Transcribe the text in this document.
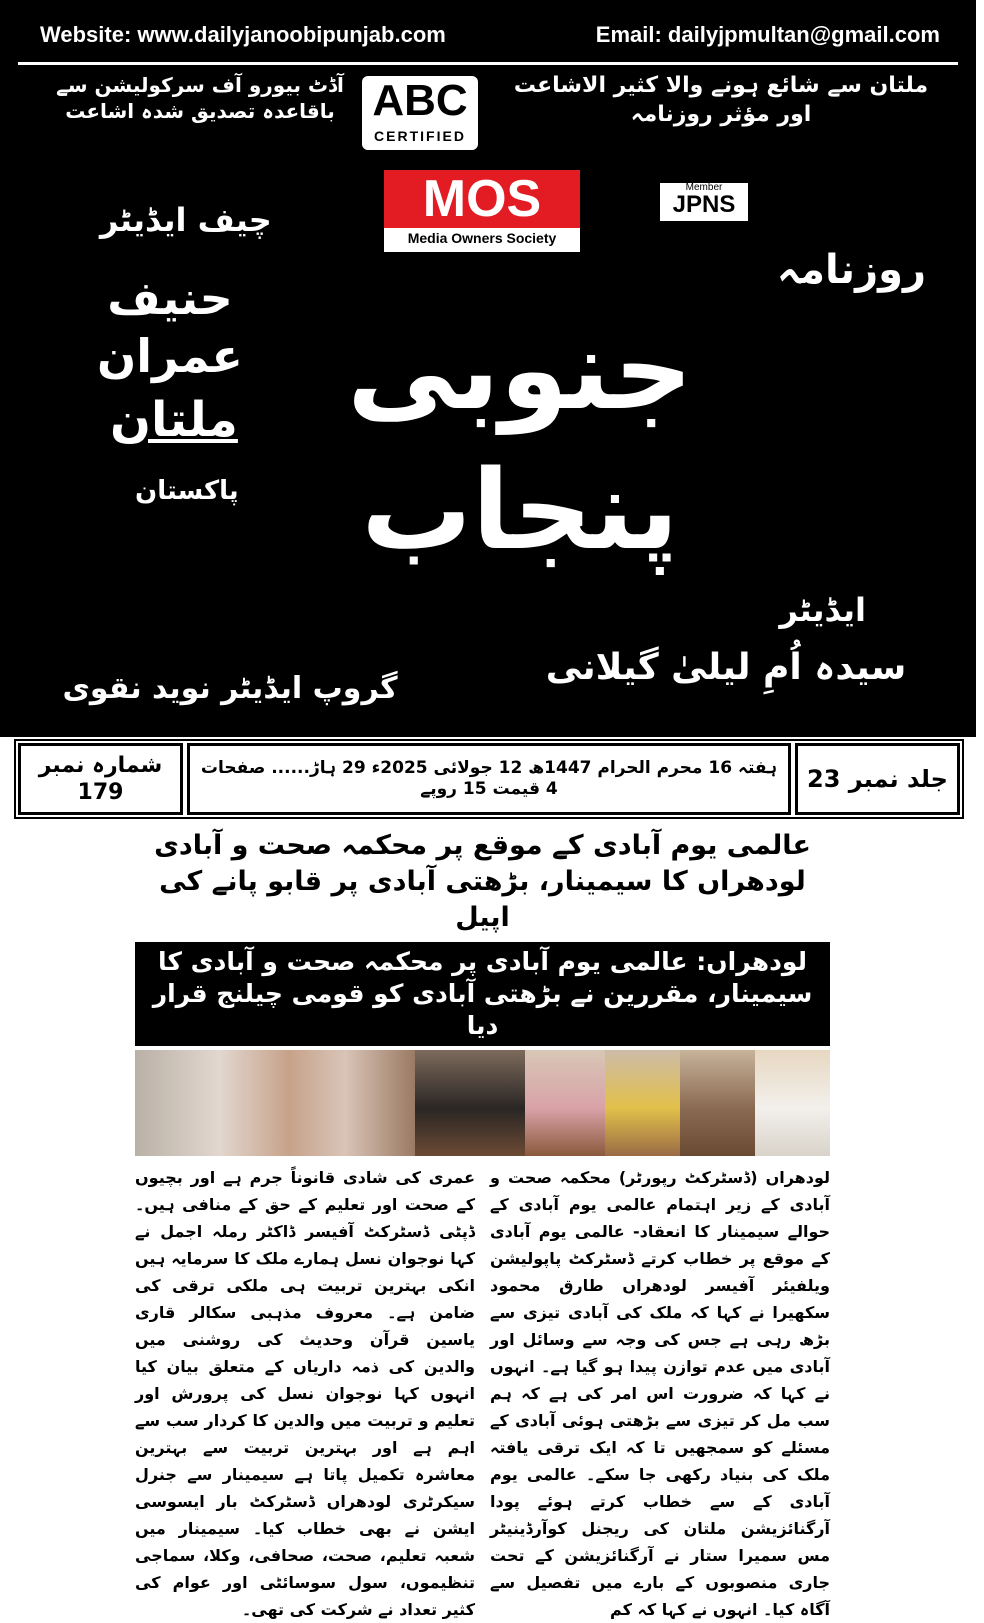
Website: www.dailyjanoobipunjab.com	Email: dailyjpmultan@gmail.com
ملتان سے شائع ہونے والا کثیر الاشاعت اور مؤثر روزنامہ
آڈٹ بیورو آف سرکولیشن سے باقاعدہ تصدیق شدہ اشاعت ABC
CERTIFIED
MOS
Media Owners Society
Member
JPNS
روزنامہ
جنوبی پنجاب
چیف ایڈیٹر
حنیف عمران
ملتان
پاکستان
ایڈیٹر
سیدہ اُمِ لیلیٰ گیلانی
گروپ ایڈیٹر نوید نقوی
شمارہ نمبر 179
ہفتہ 16 محرم الحرام 1447ھ 12 جولائی 2025ء 29 ہاڑ...... صفحات 4 قیمت 15 روپے	جلد نمبر 23
عالمی یوم آبادی کے موقع پر محکمہ صحت و آبادی لودھراں کا سیمینار، بڑھتی آبادی پر قابو پانے کی اپیل
لودھراں: عالمی یوم آبادی پر محکمہ صحت و آبادی کا سیمینار، مقررین نے بڑھتی آبادی کو قومی چیلنج قرار دیا
لودھراں (ڈسٹرکٹ رپورٹر) محکمہ صحت و آبادیکے زیر اہتمام عالمی یوم آبادی کے حوالے سیمینار کاانعقاد- عالمی یوم آبادی کے موقع پر خطاب کرتےڈسٹرکٹ پاپولیشن ویلفیئر آفیسر لودھراں طارق محمودسکھیرا نے کہا کہ ملک کی آبادی تیزی سے بڑھ رہیہے جس کی وجہ سے وسائل اور آبادی میں عدم توازنپیدا ہو گیا ہے۔ انہوں نے کہا کہ ضرورت اس امر کیہے کہ ہم سب مل کر تیزی سے بڑھتی ہوئی آبادیکے مسئلے کو سمجھیں تا کہ ایک ترقی یافتہ ملک کی بنیاد رکھیجا سکے۔ عالمی یوم آبادی کے سے خطاب کرتے ہوئےپودا آرگنائزیشن ملتان کی ریجنل کوآرڈینیٹر مس سمیراستار نے آرگنائزیشن کے تحت جاری منصوبوں کےبارے میں تفصیل سے آگاہ کیا۔ انہوں نے کہا کہ کم
عمری کی شادی قانوناً جرم ہے اور بچیوں کے صحت اورتعلیم کے حق کے منافی ہیں۔ ڈپٹی ڈسٹرکٹ آفیسرڈاکٹر رملہ اجمل نے کہا نوجوان نسل ہمارے ملک کاسرمایہ ہیں انکی بہترین تربیت ہی ملکی ترقی کی ضامنہے۔ معروف مذہبی سکالر قاری یاسین قرآن وحدیثکی روشنی میں والدین کی ذمہ داریاں کے متعلق بیانکیا انہوں کہا نوجوان نسل کی پرورش اور تعلیم و تربیتمیں والدین کا کردار سب سے اہم ہے اور بہترینتربیت سے بہترین معاشرہ تکمیل پاتا ہے سیمینار سےجنرل سیکرٹری لودھراں ڈسٹرکٹ بار ایسوسی ایشن نےبھی خطاب کیا۔ سیمینار میں شعبہ تعلیم، صحت،صحافی، وکلا، سماجی تنظیموں، سول سوسائٹی اور عوام کیکثیر تعداد نے شرکت کی تھی۔
